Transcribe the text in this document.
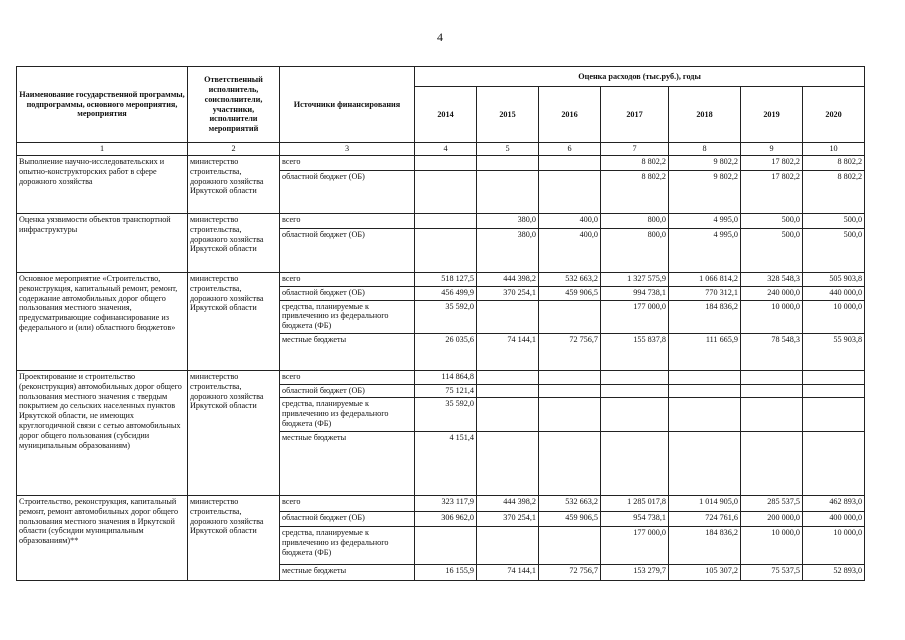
4
Наименование государственной программы, подпрограммы, основного мероприятия, мероприятия	Ответственный исполнитель, соисполнители, участники, исполнители мероприятий	Источники финансирования	Оценка расходов (тыс.руб.), годы						
			2014	2015	2016	2017	2018	2019	2020
1	2	3	4	5	6	7	8	9	10
Выполнение научно-исследовательских и опытно-конструкторских работ в сфере дорожного хозяйства	министерство строительства, дорожного хозяйства Иркутской области	всего				8 802,2	9 802,2	17 802,2	8 802,2
		областной бюджет (ОБ)				8 802,2	9 802,2	17 802,2	8 802,2
Оценка уязвимости объектов транспортной инфраструктуры	министерство строительства, дорожного хозяйства Иркутской области	всего		380,0	400,0	800,0	4 995,0	500,0	500,0
		областной бюджет (ОБ)		380,0	400,0	800,0	4 995,0	500,0	500,0
Основное мероприятие «Строительство, реконструкция, капитальный ремонт, ремонт, содержание автомобильных дорог общего пользования местного значения, предусматривающие софинансирование из федерального и (или) областного бюджетов»	министерство строительства, дорожного хозяйства Иркутской области	всего	518 127,5	444 398,2	532 663,2	1 327 575,9	1 066 814,2	328 548,3	505 903,8
		областной бюджет (ОБ)	456 499,9	370 254,1	459 906,5	994 738,1	770 312,1	240 000,0	440 000,0
		средства, планируемые к привлечению из федерального бюджета (ФБ)	35 592,0			177 000,0	184 836,2	10 000,0	10 000,0
		местные бюджеты	26 035,6	74 144,1	72 756,7	155 837,8	111 665,9	78 548,3	55 903,8
Проектирование и строительство (реконструкция) автомобильных дорог общего пользования местного значения с твердым покрытием до сельских населенных пунктов Иркутской области, не имеющих круглогодичной связи с сетью автомобильных дорог общего пользования (субсидии муниципальным образованиям)	министерство строительства, дорожного хозяйства Иркутской области	всего	114 864,8						
		областной бюджет (ОБ)	75 121,4						
		средства, планируемые к привлечению из федерального бюджета (ФБ)	35 592,0						
		местные бюджеты	4 151,4						
Строительство, реконструкция, капитальный ремонт, ремонт автомобильных дорог общего пользования местного значения в Иркутской области (субсидии муниципальным образованиям)**	министерство строительства, дорожного хозяйства Иркутской области	всего	323 117,9	444 398,2	532 663,2	1 285 017,8	1 014 905,0	285 537,5	462 893,0
		областной бюджет (ОБ)	306 962,0	370 254,1	459 906,5	954 738,1	724 761,6	200 000,0	400 000,0
		средства, планируемые к привлечению из федерального бюджета (ФБ)				177 000,0	184 836,2	10 000,0	10 000,0
		местные бюджеты	16 155,9	74 144,1	72 756,7	153 279,7	105 307,2	75 537,5	52 893,0
